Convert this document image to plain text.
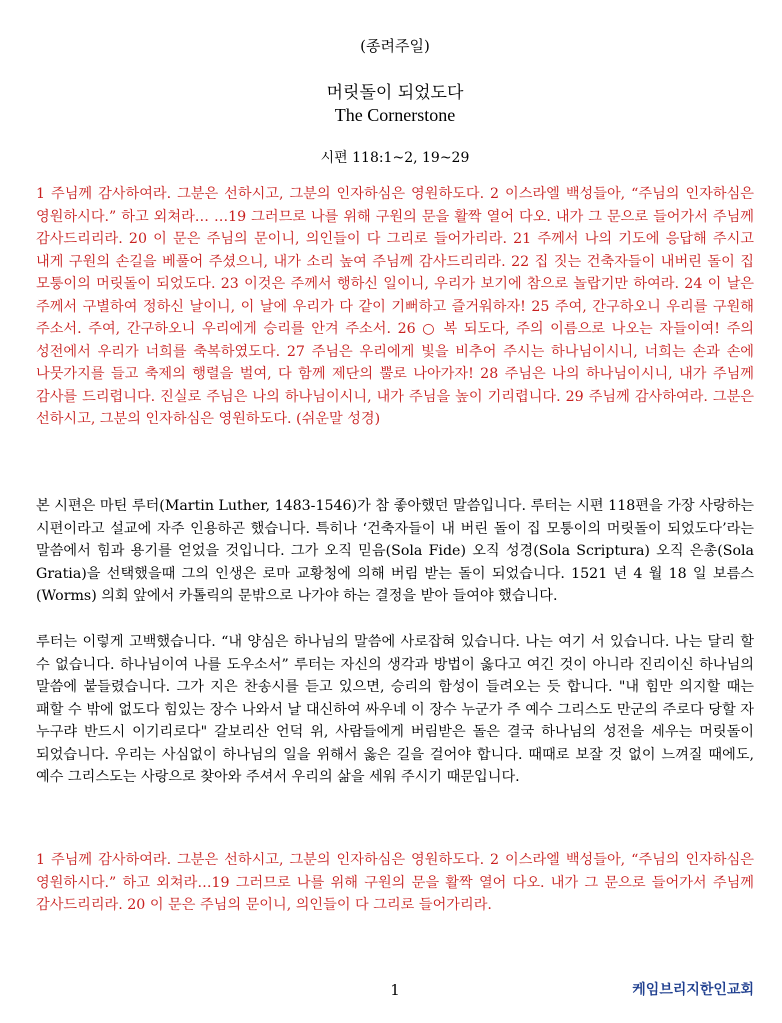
(종려주일)
머릿돌이 되었도다
The Cornerstone
시편 118:1~2, 19~29

1 주님께 감사하여라. 그분은 선하시고, 그분의 인자하심은 영원하도다. 2 이스라엘 백성들아, “주님의 인자하심은 영원하시다.” 하고 외쳐라… …19 그러므로 나를 위해 구원의 문을 활짝 열어 다오. 내가 그 문으로 들어가서 주님께 감사드리리라. 20 이 문은 주님의 문이니, 의인들이 다 그리로 들어가리라. 21 주께서 나의 기도에 응답해 주시고 내게 구원의 손길을 베풀어 주셨으니, 내가 소리 높여 주님께 감사드리리라. 22 집 짓는 건축자들이 내버린 돌이 집 모퉁이의 머릿돌이 되었도다. 23 이것은 주께서 행하신 일이니, 우리가 보기에 참으로 놀랍기만 하여라. 24 이 날은 주께서 구별하여 정하신 날이니, 이 날에 우리가 다 같이 기뻐하고 즐거워하자! 25 주여, 간구하오니 우리를 구원해 주소서. 주여, 간구하오니 우리에게 승리를 안겨 주소서. 26 ○ 복 되도다, 주의 이름으로 나오는 자들이여! 주의 성전에서 우리가 너희를 축복하였도다. 27 주님은 우리에게 빛을 비추어 주시는 하나님이시니, 너희는 손과 손에 나뭇가지를 들고 축제의 행렬을 벌여, 다 함께 제단의 뿔로 나아가자! 28 주님은 나의 하나님이시니, 내가 주님께 감사를 드리렵니다. 진실로 주님은 나의 하나님이시니, 내가 주님을 높이 기리렵니다. 29 주님께 감사하여라. 그분은 선하시고, 그분의 인자하심은 영원하도다. (쉬운말 성경)

본 시편은 마틴 루터(Martin Luther, 1483-1546)가 참 좋아했던 말씀입니다. 루터는 시편 118편을 가장 사랑하는 시편이라고 설교에 자주 인용하곤 했습니다. 특히나 ‘건축자들이 내 버린 돌이 집 모퉁이의 머릿돌이 되었도다’라는 말씀에서 힘과 용기를 얻었을 것입니다. 그가 오직 믿음(Sola Fide) 오직 성경(Sola Scriptura) 오직 은총(Sola Gratia)을 선택했을때 그의 인생은 로마 교황청에 의해 버림 받는 돌이 되었습니다. 1521 년 4 월 18 일 보름스(Worms) 의회 앞에서 카톨릭의 문밖으로 나가야 하는 결정을 받아 들여야 했습니다.

루터는 이렇게 고백했습니다. “내 양심은 하나님의 말씀에 사로잡혀 있습니다. 나는 여기 서 있습니다. 나는 달리 할 수 없습니다. 하나님이여 나를 도우소서” 루터는 자신의 생각과 방법이 옳다고 여긴 것이 아니라 진리이신 하나님의 말씀에 붙들렸습니다. 그가 지은 찬송시를 듣고 있으면, 승리의 함성이 들려오는 듯 합니다. "내 힘만 의지할 때는 패할 수 밖에 없도다 힘있는 장수 나와서 날 대신하여 싸우네 이 장수 누군가 주 예수 그리스도 만군의 주로다 당할 자 누구랴 반드시 이기리로다" 갈보리산 언덕 위, 사람들에게 버림받은 돌은 결국 하나님의 성전을 세우는 머릿돌이 되었습니다. 우리는 사심없이 하나님의 일을 위해서 옳은 길을 걸어야 합니다. 때때로 보잘 것 없이 느껴질 때에도, 예수 그리스도는 사랑으로 찾아와 주셔서 우리의 삶을 세워 주시기 때문입니다.

1 주님께 감사하여라. 그분은 선하시고, 그분의 인자하심은 영원하도다. 2 이스라엘 백성들아, “주님의 인자하심은 영원하시다.” 하고 외쳐라…19 그러므로 나를 위해 구원의 문을 활짝 열어 다오. 내가 그 문으로 들어가서 주님께 감사드리리라. 20 이 문은 주님의 문이니, 의인들이 다 그리로 들어가리라.

1	케임브리지한인교회
